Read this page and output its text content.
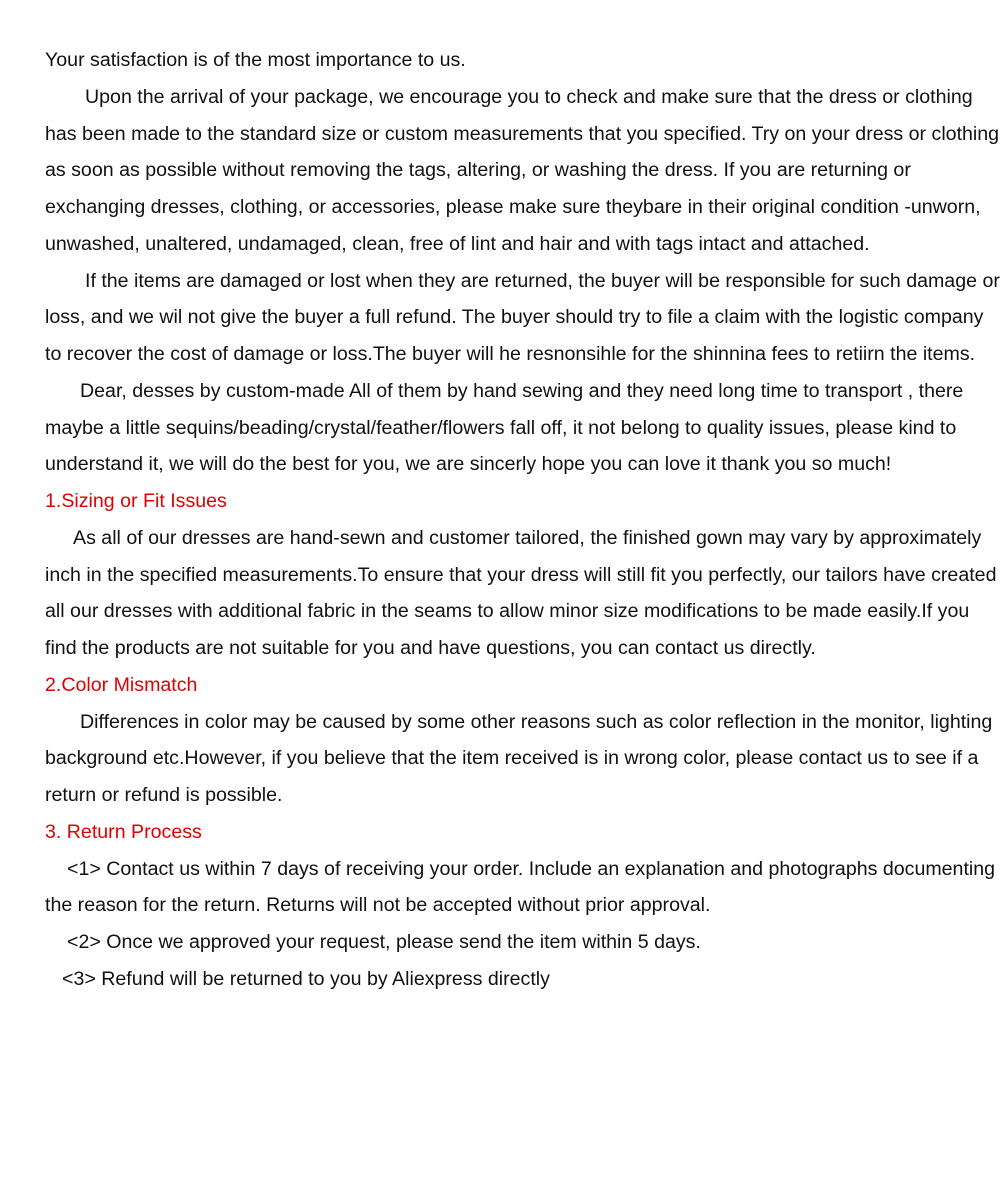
Your satisfaction is of the most importance to us.

Upon the arrival of your package, we encourage you to check and make sure that the dress or clothing has been made to the standard size or custom measurements that you specified. Try on your dress or clothing as soon as possible without removing the tags, altering, or washing the dress. If you are returning or exchanging dresses, clothing, or accessories, please make sure theybare in their original condition -unworn, unwashed, unaltered, undamaged, clean, free of lint and hair and with tags intact and attached.

If the items are damaged or lost when they are returned, the buyer will be responsible for such damage or loss, and we wil not give the buyer a full refund. The buyer should try to file a claim with the logistic company to recover the cost of damage or loss.The buyer will he resnonsihle for the shinnina fees to retiirn the items.

Dear, desses by custom-made All of them by hand sewing and they need long time to transport , there maybe a little sequins/beading/crystal/feather/flowers fall off, it not belong to quality issues, please kind to understand it, we will do the best for you, we are sincerly hope you can love it thank you so much!

1.Sizing or Fit Issues

As all of our dresses are hand-sewn and customer tailored, the finished gown may vary by approximately inch in the specified measurements.To ensure that your dress will still fit you perfectly, our tailors have created all our dresses with additional fabric in the seams to allow minor size modifications to be made easily.If you find the products are not suitable for you and have questions, you can contact us directly.

2.Color Mismatch

Differences in color may be caused by some other reasons such as color reflection in the monitor, lighting background etc.However, if you believe that the item received is in wrong color, please contact us to see if a return or refund is possible.

3. Return Process

<1> Contact us within 7 days of receiving your order. Include an explanation and photographs documenting the reason for the return. Returns will not be accepted without prior approval.

<2> Once we approved your request, please send the item within 5 days.

<3> Refund will be returned to you by Aliexpress directly
